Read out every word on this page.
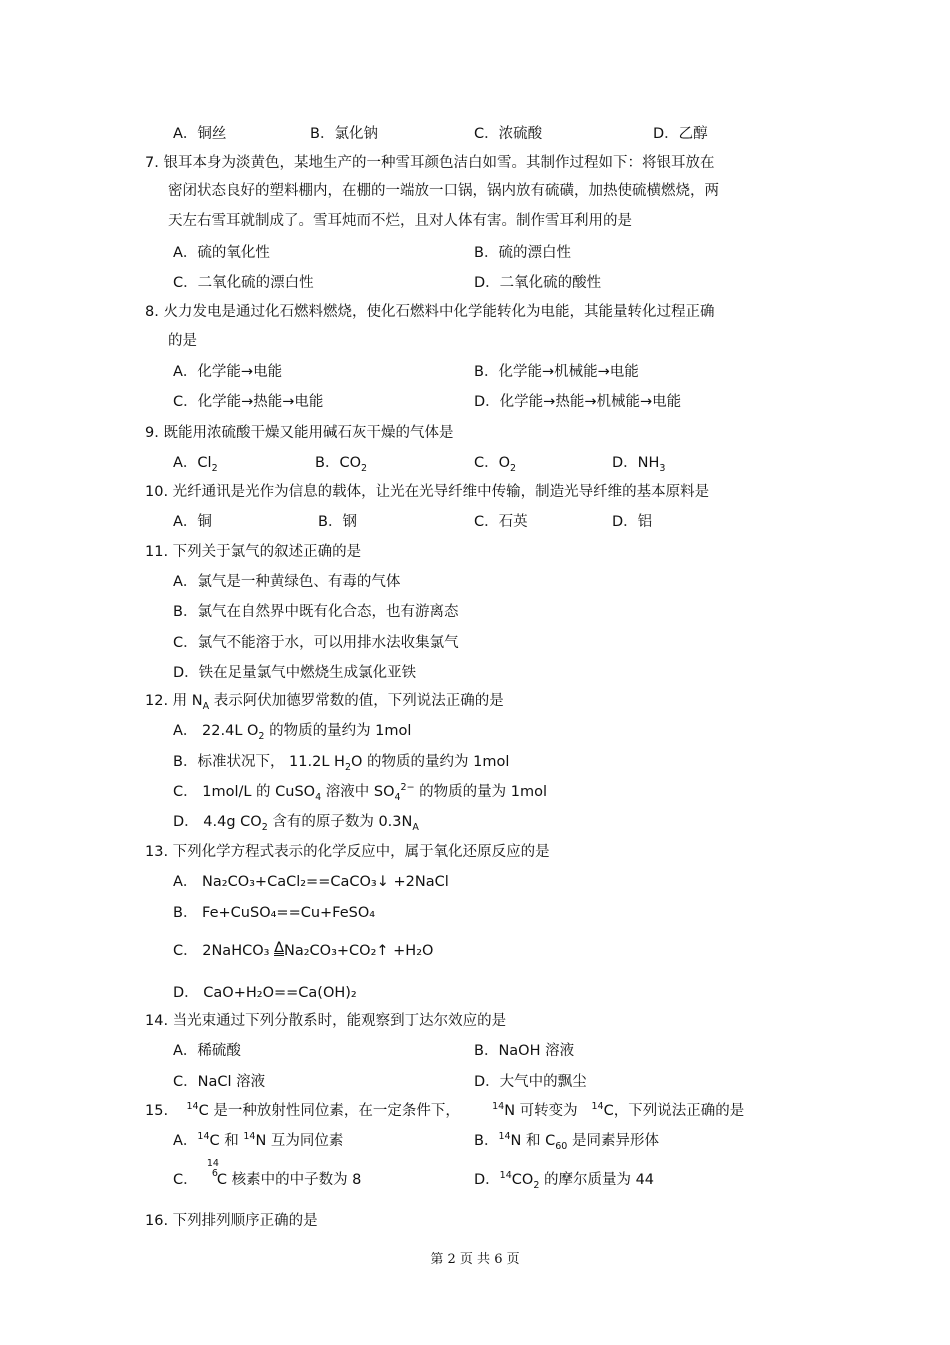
A．铜丝	B．氯化钠	C．浓硫酸	D．乙醇
7. 银耳本身为淡黄色，某地生产的一种雪耳颜色洁白如雪。其制作过程如下：将银耳放在
密闭状态良好的塑料棚内，在棚的一端放一口锅，锅内放有硫磺，加热使硫横燃烧，两
天左右雪耳就制成了。雪耳炖而不烂，且对人体有害。制作雪耳利用的是
A．硫的氧化性	B．硫的漂白性
C．二氧化硫的漂白性	D．二氧化硫的酸性
8. 火力发电是通过化石燃料燃烧，使化石燃料中化学能转化为电能，其能量转化过程正确
的是
A．化学能→电能	B．化学能→机械能→电能
C．化学能→热能→电能	D．化学能→热能→机械能→电能
9. 既能用浓硫酸干燥又能用碱石灰干燥的气体是
A．$Cl_2$	B．$CO_2$	C．$O_2$	D．$NH_3$
10. 光纤通讯是光作为信息的载体，让光在光导纤维中传输，制造光导纤维的基本原料是
A．铜	B．钢	C．石英	D．铝
11. 下列关于氯气的叙述正确的是
A．氯气是一种黄绿色、有毒的气体
B．氯气在自然界中既有化合态，也有游离态
C．氯气不能溶于水，可以用排水法收集氯气
D．铁在足量氯气中燃烧生成氯化亚铁
12. 用 $N_A$ 表示阿伏加德罗常数的值，下列说法正确的是
A． 22.4L $O_2$ 的物质的量约为 1mol
B．标准状况下， 11.2L $H_2O$ 的物质的量约为 1mol
C． 1mol/L 的 CuSO$_4$ 溶液中 $SO_4^{2-}$ 的物质的量为 1mol
D． 4.4g $CO_2$ 含有的原子数为 $0.3N_A$
13. 下列化学方程式表示的化学反应中，属于氧化还原反应的是
A． Na₂CO₃+CaCl₂==CaCO₃↓ +2NaCl
B． Fe+CuSO₄==Cu+FeSO₄
C． 2NaHCO₃ ΔNa₂CO₃+CO₂↑ +H₂O
D． CaO+H₂O==Ca(OH)₂
14. 当光束通过下列分散系时，能观察到丁达尔效应的是
A．稀硫酸	B．NaOH 溶液
C．NaCl 溶液	D．大气中的飘尘
15. $^{14}$C 是一种放射性同位素，在一定条件下，	$^{14}$N 可转变为 $^{14}$C，下列说法正确的是
A．$^{14}$C 和 $^{14}$N 互为同位素	B．$^{14}$N 和 $C_{60}$ 是同素异形体
C．
14
6
C 核素中的中子数为 8	D．$^{14}CO_2$ 的摩尔质量为 44
16. 下列排列顺序正确的是
第 2 页 共 6 页
